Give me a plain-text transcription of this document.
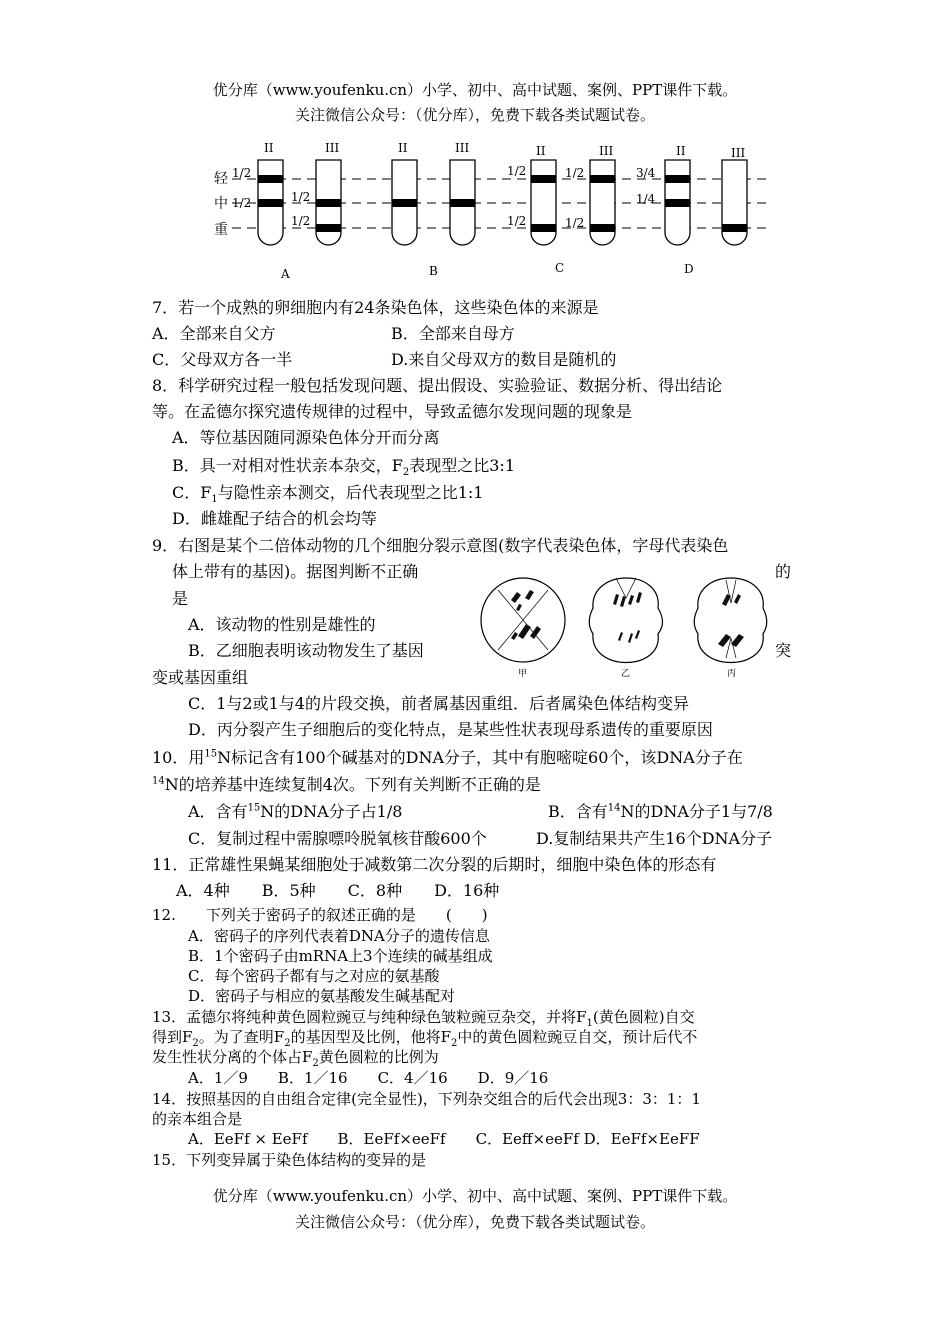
优分库（www.youfenku.cn）小学、初中、高中试题、案例、PPT课件下载。
关注微信公众号：（优分库），免费下载各类试题试卷。
轻
中
重
II	III	II	III	II	III	II	III
1/2
1/2	1/2
1/2
1/2
1/2
1/2
1/2
3/4
1/4
A	B	C	D
7．若一个成熟的卵细胞内有24条染色体，这些染色体的来源是
A．全部来自父方	B．全部来自母方
C．父母双方各一半	D.来自父母双方的数目是随机的
8．科学研究过程一般包括发现问题、提出假设、实验验证、数据分析、得出结论
等。在孟德尔探究遗传规律的过程中，导致孟德尔发现问题的现象是
A．等位基因随同源染色体分开而分离
B．具一对相对性状亲本杂交，$F_2$表现型之比3:1
C．$F_1$与隐性亲本测交，后代表现型之比1:1
D．雌雄配子结合的机会均等
9．右图是某个二倍体动物的几个细胞分裂示意图(数字代表染色体，字母代表染色
体上带有的基因)。据图判断不正确	的
是
A．该动物的性别是雄性的
B．乙细胞表明该动物发生了基因	突
变或基因重组
C．1与2或1与4的片段交换，前者属基因重组．后者属染色体结构变异
D．丙分裂产生子细胞后的变化特点，是某些性状表现母系遗传的重要原因
甲	乙	丙
10．用$^{15}$N标记含有100个碱基对的DNA分子，其中有胞嘧啶60个，该DNA分子在
$^{14}$N的培养基中连续复制4次。下列有关判断不正确的是
A．含有$^{15}$N的DNA分子占1/8	B．含有$^{14}$N的DNA分子1与7/8
C．复制过程中需腺嘌呤脱氧核苷酸600个	D.复制结果共产生16个DNA分子
11．正常雄性果蝇某细胞处于减数第二次分裂的后期时，细胞中染色体的形态有
A．4种　　B．5种　　C．8种　　D．16种
12.　　下列关于密码子的叙述正确的是　　(　　)
A．密码子的序列代表着DNA分子的遗传信息
B．1个密码子由mRNA上3个连续的碱基组成
C．每个密码子都有与之对应的氨基酸
D．密码子与相应的氨基酸发生碱基配对
13．孟德尔将纯种黄色圆粒豌豆与纯种绿色皱粒豌豆杂交，并将$F_1$(黄色圆粒)自交
得到$F_2$。为了查明$F_2$的基因型及比例，他将$F_2$中的黄色圆粒豌豆自交，预计后代不
发生性状分离的个体占$F_2$黄色圆粒的比例为
A．1／9　　B．1／16　　C．4／16　　D．9／16
14．按照基因的自由组合定律(完全显性)，下列杂交组合的后代会出现3：3：1：1
的亲本组合是
A．EeFf × EeFf　　B．EeFf×eeFf　　C．Eeff×eeFf D．EeFf×EeFF
15．下列变异属于染色体结构的变异的是
优分库（www.youfenku.cn）小学、初中、高中试题、案例、PPT课件下载。
关注微信公众号：（优分库），免费下载各类试题试卷。
